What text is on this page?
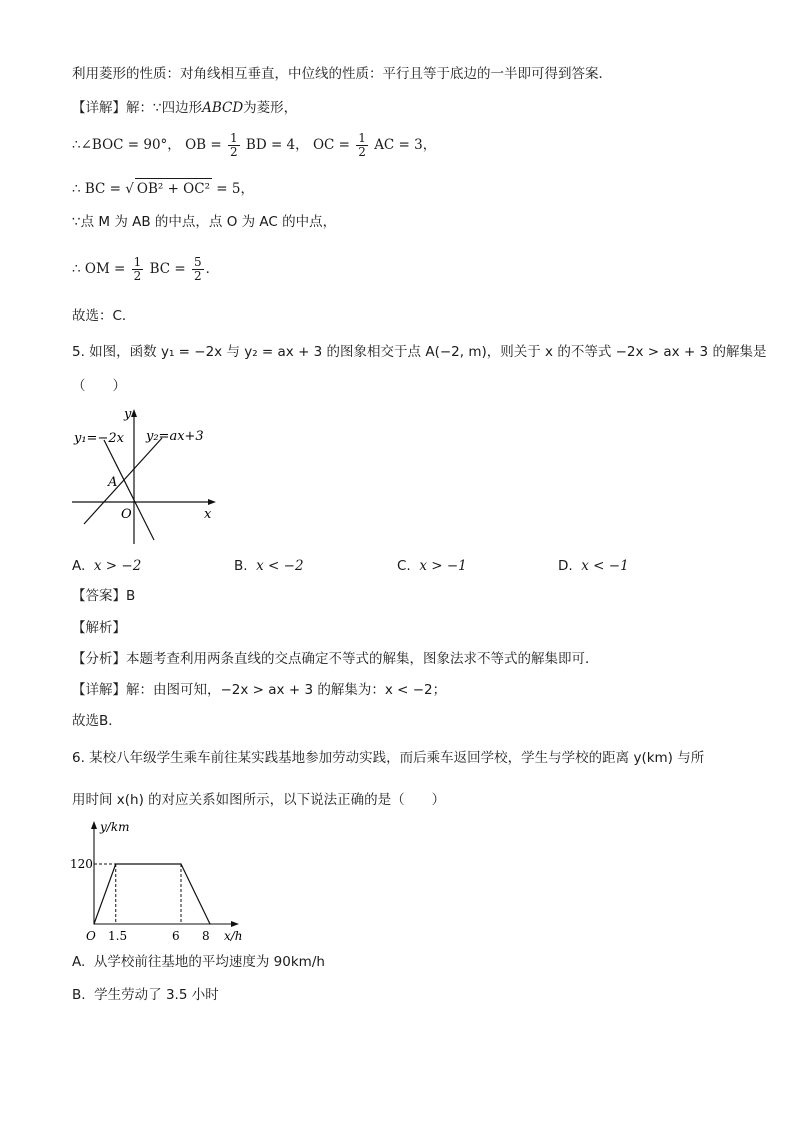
利用菱形的性质：对角线相互垂直，中位线的性质：平行且等于底边的一半即可得到答案．
【详解】解：∵四边形ABCD为菱形，
∴∠BOC = 90°， OB = $\frac{1}{2}$ BD = 4， OC = $\frac{1}{2}$ AC = 3，
∴ BC = √ OB² + OC² = 5，
∵点 M 为 AB 的中点，点 O 为 AC 的中点，
∴ OM = $\frac{1}{2}$ BC = $\frac{5}{2}$ ．
故选：C．
5. 如图，函数 y₁ = −2x 与 y₂ = ax + 3 的图象相交于点 A(−2, m)，则关于 x 的不等式 −2x > ax + 3 的解集是
（　　）
y₁=−2x y₂=ax+3
y
x
O
A
A. x > −2	B. x < −2	C. x > −1	D. x < −1
【答案】B
【解析】
【分析】本题考查利用两条直线的交点确定不等式的解集，图象法求不等式的解集即可．
【详解】解：由图可知，−2x > ax + 3 的解集为：x < −2；
故选B．
6. 某校八年级学生乘车前往某实践基地参加劳动实践，而后乘车返回学校，学生与学校的距离 y(km) 与所
用时间 x(h) 的对应关系如图所示，以下说法正确的是（　　）
y/km
x/h
O
120
1.5	6 8
A. 从学校前往基地的平均速度为 90km/h
B. 学生劳动了 3.5 小时
